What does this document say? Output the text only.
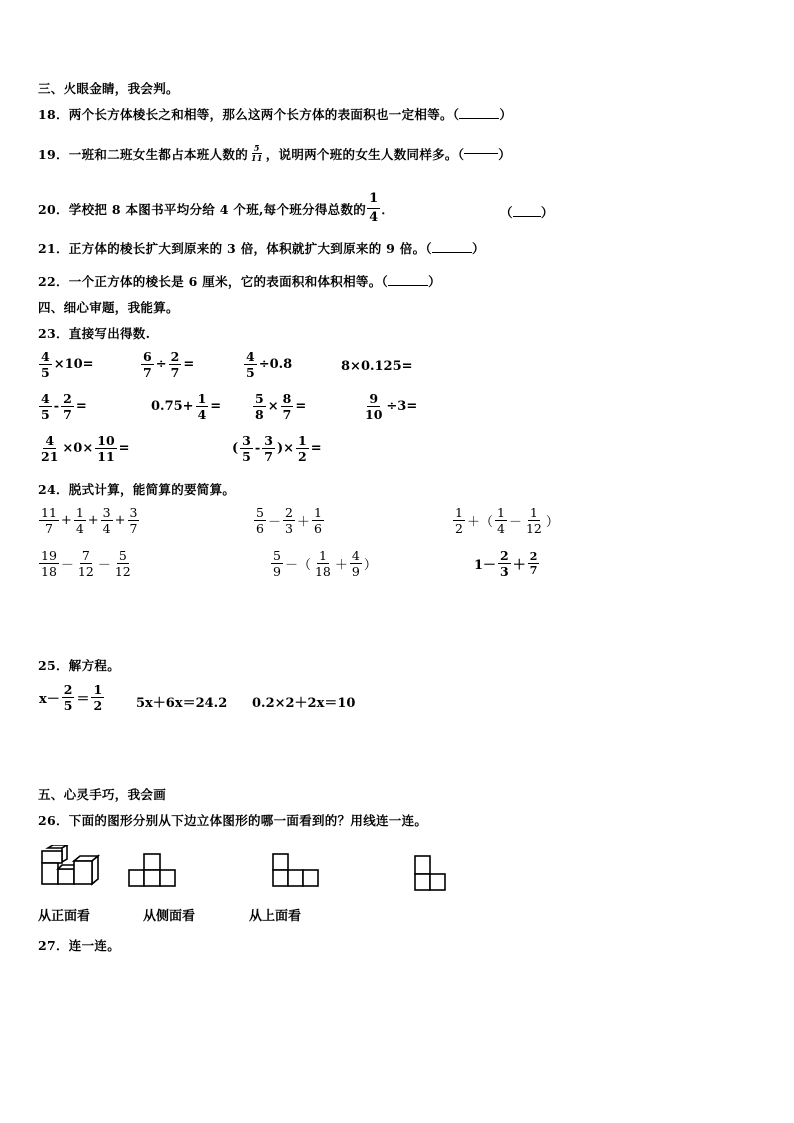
三、火眼金睛，我会判。
18．两个长方体棱长之和相等，那么这两个长方体的表面积也一定相等。（	）
19．一班和二班女生都占本班人数的 $\frac{5}{11}$ ，说明两个班的女生人数同样多。（	）
20．学校把 8 本图书平均分给 4 个班,每个班分得总数的 $\frac{1}{4}$ ．	（ ）
21．正方体的棱长扩大到原来的 3 倍，体积就扩大到原来的 9 倍。（	）
22．一个正方体的棱长是 6 厘米，它的表面积和体积相等。（	）
四、细心审题，我能算。
23．直接写出得数.
$\frac{4}{5} \times 10=$	$\frac{6}{7} \div \frac{2}{7}$ =	$\frac{4}{5} \div 0.8$	8×0.125=
$\frac{4}{5} - \frac{2}{7}$ =	$0.75+ \frac{1}{4}$ =	$\frac{5}{8} \times \frac{8}{7}$ =	$\frac{9}{10} \div 3=$
$\frac{4}{21} \times 0\times \frac{10}{11}$ =	( $\frac{3}{5} - \frac{3}{7}$ )× $\frac{1}{2}$ =
24．脱式计算，能简算的要简算。
$\frac{11}{7} + \frac{1}{4} + \frac{3}{4} + \frac{3}{7}$	$\frac{5}{6} - \frac{2}{3} + \frac{1}{6}$	$\frac{1}{2}$ ＋（ $\frac{1}{4} - \frac{1}{12}$ ）
$\frac{19}{18} - \frac{7}{12} - \frac{5}{12}$	$\frac{5}{9}$ －（ $\frac{1}{18} + \frac{4}{9}$ ）	$1- \frac{2}{3} + \frac{2}{7}$
25．解方程。
$x- \frac{2}{5} = \frac{1}{2} 5x+6x=24.2$ 0.2×2＋2x＝10
五、心灵手巧，我会画
26．下面的图形分别从下边立体图形的哪一面看到的？用线连一连。
从正面看	从侧面看	从上面看
27．连一连。
